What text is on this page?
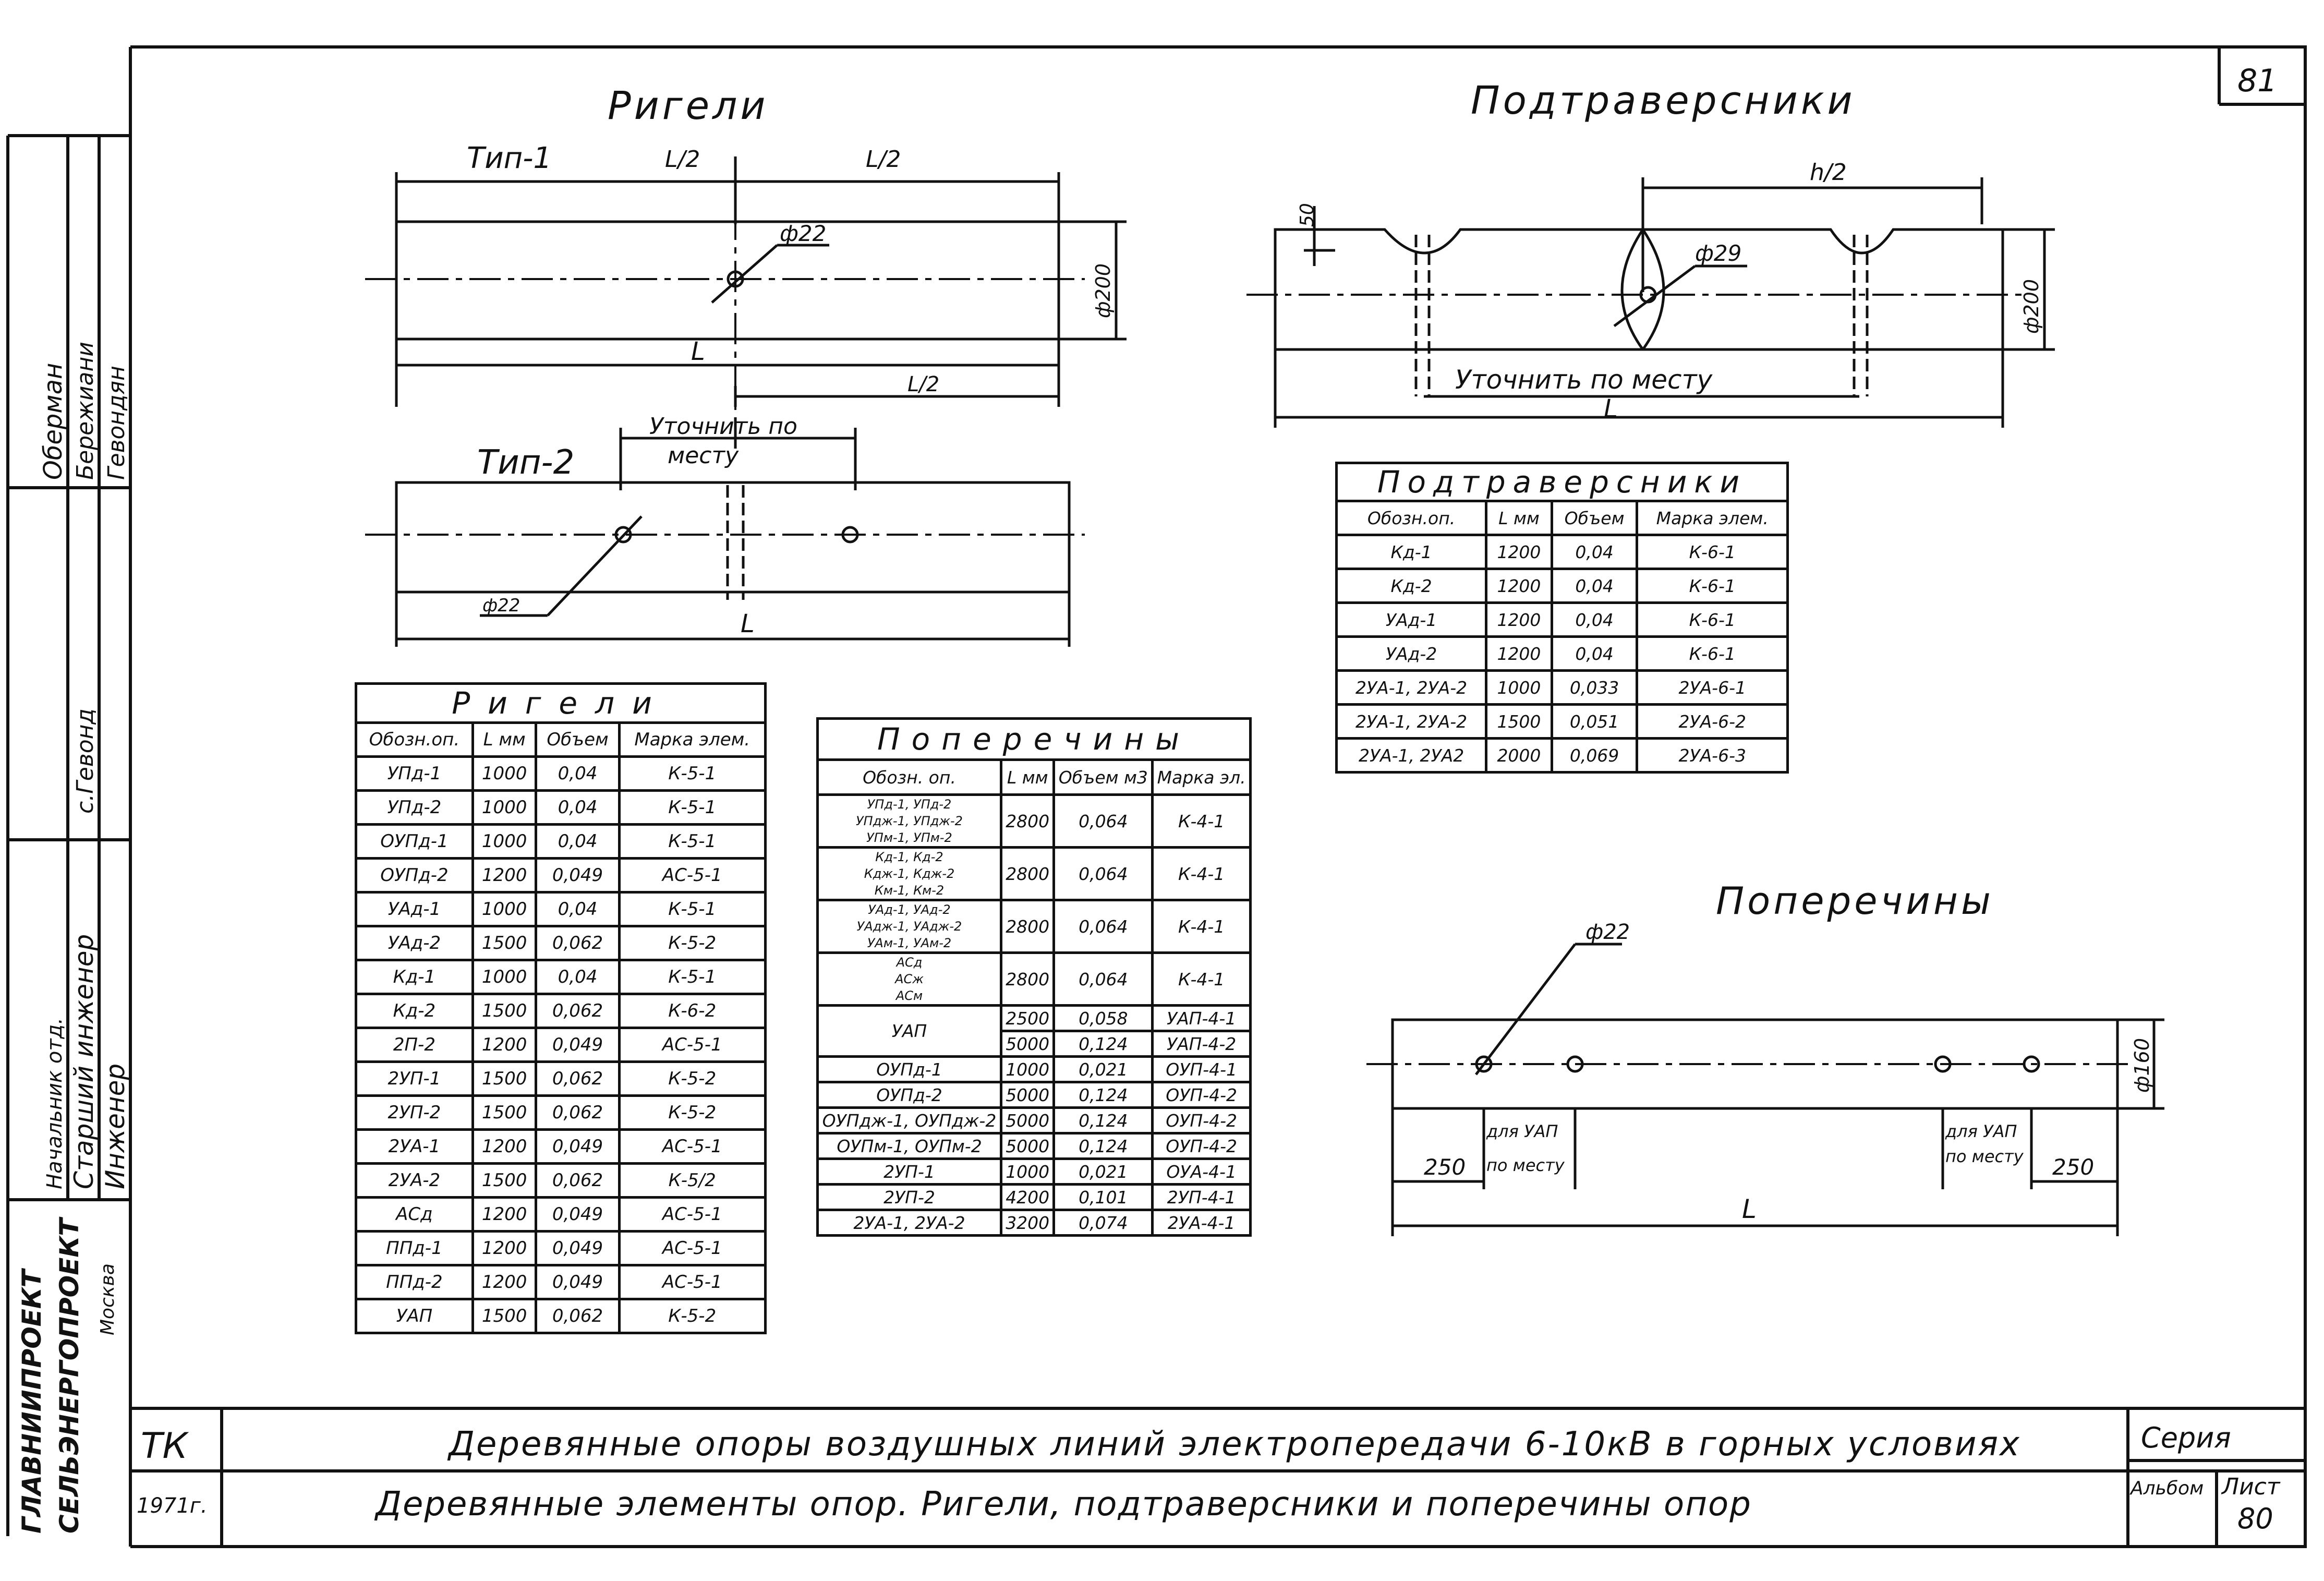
Ригели
Тип-1	L/2	L/2
ф22
ф200
L
L/2
Тип-2
Уточнить по
месту
ф22
L
Подтраверсники
h/2
50
ф29
ф200
Уточнить по месту
L
Поперечины
ф22
ф160
для УАП
по месту
для УАП
по месту
250	250
L
81
ГЛАВНИИПРОЕКТ СЕЛЬЭНЕРГОПРОЕКТ Москва
Начальник отд. Старший инженер Инженер
Оберман Бережиани Гевондян
с.Гевонд
ТК
1971г.
Деревянные опоры воздушных линий электропередачи 6-10кВ в горных условиях
Деревянные элементы опор. Ригели, подтраверсники и поперечины опор
Серия
Альбом Лист
80
Ригели			
Обозн.оп.	L мм	Объем	Марка элем.
УПд-1	1000	0,04	К-5-1
УПд-2	1000	0,04	К-5-1
ОУПд-1	1000	0,04	К-5-1
ОУПд-2	1200	0,049	АС-5-1
УАд-1	1000	0,04	К-5-1
УАд-2	1500	0,062	К-5-2
Кд-1	1000	0,04	К-5-1
Кд-2	1500	0,062	К-6-2
2П-2	1200	0,049	АС-5-1
2УП-1	1500	0,062	К-5-2
2УП-2	1500	0,062	К-5-2
2УА-1	1200	0,049	АС-5-1
2УА-2	1500	0,062	К-5/2
АСд	1200	0,049	АС-5-1
ППд-1	1200	0,049	АС-5-1
ППд-2	1200	0,049	АС-5-1
УАП	1500	0,062	К-5-2
Подтраверсники			
Обозн.оп.	L мм	Объем	Марка элем.
Кд-1	1200	0,04	К-6-1
Кд-2	1200	0,04	К-6-1
УАд-1	1200	0,04	К-6-1
УАд-2	1200	0,04	К-6-1
2УА-1, 2УА-2	1000	0,033	2УА-6-1
2УА-1, 2УА-2	1500	0,051	2УА-6-2
2УА-1, 2УА2	2000	0,069	2УА-6-3
Поперечины			
Обозн. оп.	L мм	Объем м3	Марка эл.

УПд-1, УПд-2
УПдж-1, УПдж-2
УПм-1, УПм-2	2800	0,064	К-4-1

Кд-1, Кд-2
Кдж-1, Кдж-2
Км-1, Км-2	2800	0,064	К-4-1

УАд-1, УАд-2
УАдж-1, УАдж-2
УАм-1, УАм-2	2800	0,064	К-4-1

АСд
АСж
АСм	2800	0,064	К-4-1
УАП	2500	0,058	УАП-4-1
	5000	0,124	УАП-4-2
ОУПд-1	1000	0,021	ОУП-4-1
ОУПд-2	5000	0,124	ОУП-4-2
ОУПдж-1, ОУПдж-2	5000	0,124	ОУП-4-2
ОУПм-1, ОУПм-2	5000	0,124	ОУП-4-2
2УП-1	1000	0,021	ОУА-4-1
2УП-2	4200	0,101	2УП-4-1
2УА-1, 2УА-2	3200	0,074	2УА-4-1
